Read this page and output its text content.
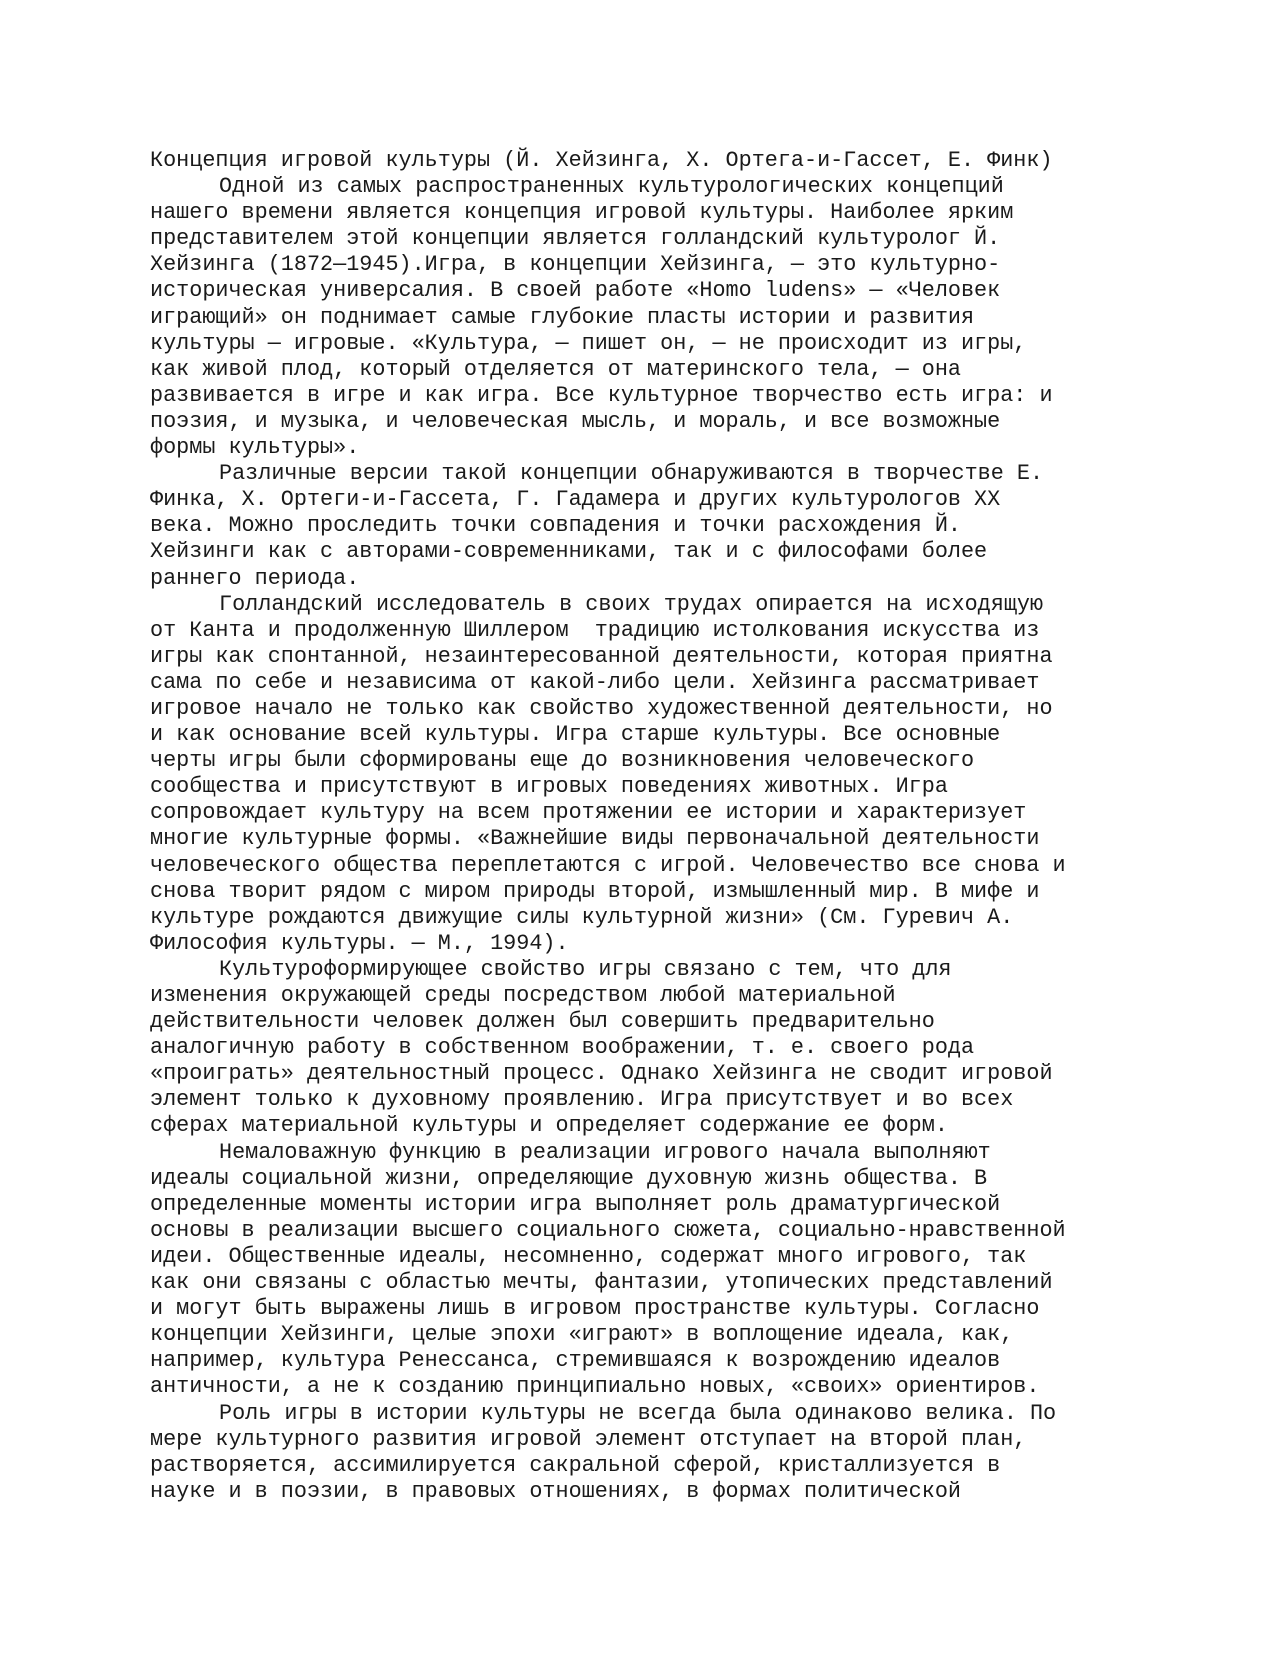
Концепция игровой культуры (Й. Хейзинга, Х. Ортега-и-Гассет, Е. Финк)

Одной из самых распространенных культурологических концепций
нашего времени является концепция игровой культуры. Наиболее ярким
представителем этой концепции является голландский культуролог Й.
Хейзинга (1872—1945).Игра, в концепции Хейзинга, — это культурно-
историческая универсалия. В своей работе «Homo ludens» — «Человек
играющий» он поднимает самые глубокие пласты истории и развития
культуры — игровые. «Культура, — пишет он, — не происходит из игры,
как живой плод, который отделяется от материнского тела, — она
развивается в игре и как игра. Все культурное творчество есть игра: и
поэзия, и музыка, и человеческая мысль, и мораль, и все возможные
формы культуры».

Различные версии такой концепции обнаруживаются в творчестве Е.
Финка, Х. Ортеги-и-Гассета, Г. Гадамера и других культурологов XX
века. Можно проследить точки совпадения и точки расхождения Й.
Хейзинги как с авторами-современниками, так и с философами более
раннего периода.

Голландский исследователь в своих трудах опирается на исходящую
от Канта и продолженную Шиллером  традицию истолкования искусства из
игры как спонтанной, незаинтересованной деятельности, которая приятна
сама по себе и независима от какой-либо цели. Хейзинга рассматривает
игровое начало не только как свойство художественной деятельности, но
и как основание всей культуры. Игра старше культуры. Все основные
черты игры были сформированы еще до возникновения человеческого
сообщества и присутствуют в игровых поведениях животных. Игра
сопровождает культуру на всем протяжении ее истории и характеризует
многие культурные формы. «Важнейшие виды первоначальной деятельности
человеческого общества переплетаются с игрой. Человечество все снова и
снова творит рядом с миром природы второй, измышленный мир. В мифе и
культуре рождаются движущие силы культурной жизни» (См. Гуревич А.
Философия культуры. — М., 1994).

Культуроформирующее свойство игры связано с тем, что для
изменения окружающей среды посредством любой материальной
действительности человек должен был совершить предварительно
аналогичную работу в собственном воображении, т. е. своего рода
«проиграть» деятельностный процесс. Однако Хейзинга не сводит игровой
элемент только к духовному проявлению. Игра присутствует и во всех
сферах материальной культуры и определяет содержание ее форм.

Немаловажную функцию в реализации игрового начала выполняют
идеалы социальной жизни, определяющие духовную жизнь общества. В
определенные моменты истории игра выполняет роль драматургической
основы в реализации высшего социального сюжета, социально-нравственной
идеи. Общественные идеалы, несомненно, содержат много игрового, так
как они связаны с областью мечты, фантазии, утопических представлений
и могут быть выражены лишь в игровом пространстве культуры. Согласно
концепции Хейзинги, целые эпохи «играют» в воплощение идеала, как,
например, культура Ренессанса, стремившаяся к возрождению идеалов
античности, а не к созданию принципиально новых, «своих» ориентиров.

Роль игры в истории культуры не всегда была одинаково велика. По
мере культурного развития игровой элемент отступает на второй план,
растворяется, ассимилируется сакральной сферой, кристаллизуется в
науке и в поэзии, в правовых отношениях, в формах политической
